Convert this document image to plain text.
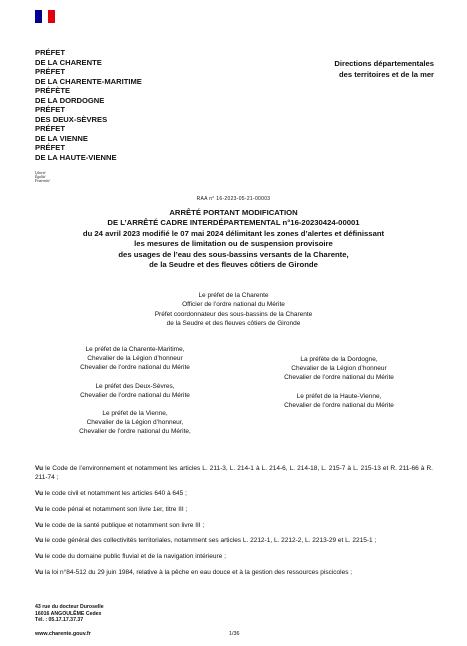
PRÉFET
DE LA CHARENTE
PRÉFET
DE LA CHARENTE-MARITIME
PRÉFÈTE
DE LA DORDOGNE
PRÉFET
DES DEUX-SÈVRES
PRÉFET
DE LA VIENNE
PRÉFET
DE LA HAUTE-VIENNE
Liberté
Égalité
Fraternité
Directions départementales
des territoires et de la mer
RAA n° 16-2023-05-21-00003
ARRÊTÉ PORTANT MODIFICATION
DE L’ARRÊTÉ CADRE INTERDÉPARTEMENTAL n°16-20230424-00001
du 24 avril 2023 modifié le 07 mai 2024 délimitant les zones d’alertes et définissant
les mesures de limitation ou de suspension provisoire
des usages de l’eau des sous-bassins versants de la Charente,
de la Seudre et des fleuves côtiers de Gironde
Le préfet de la Charente
Officier de l’ordre national du Mérite
Préfet coordonnateur des sous-bassins de la Charente
de la Seudre et des fleuves côtiers de Gironde
Le préfet de la Charente-Maritime,
Chevalier de la Légion d’honneur
Chevalier de l’ordre national du Mérite
Le préfet des Deux-Sèvres,
Chevalier de l’ordre national du Mérite
Le préfet de la Vienne,
Chevalier de la Légion d’honneur,
Chevalier de l’ordre national du Mérite,
La préfète de la Dordogne,
Chevalier de la Légion d’honneur
Chevalier de l’ordre national du Mérite
Le préfet de la Haute-Vienne,
Chevalier de l’ordre national du Mérite
Vu le Code de l’environnement et notamment les articles L. 211-3, L. 214-1 à L. 214-6, L. 214-18, L. 215-7 à L. 215-13 et R. 211-66 à R. 211-74 ;
Vu le code civil et notamment les articles 640 à 645 ;
Vu le code pénal et notamment son livre 1er, titre III ;
Vu le code de la santé publique et notamment son livre III ;
Vu le code général des collectivités territoriales, notamment ses articles L. 2212-1, L. 2212-2, L. 2213-29 et L. 2215-1 ;
Vu le code du domaine public fluvial et de la navigation intérieure ;
Vu la loi n°84-512 du 29 juin 1984, relative à la pêche en eau douce et à la gestion des ressources piscicoles ;
43 rue du docteur Duroselle
16016 ANGOULÊME Cedex
Tél. : 05.17.17.37.37
www.charente.gouv.fr	1/36
